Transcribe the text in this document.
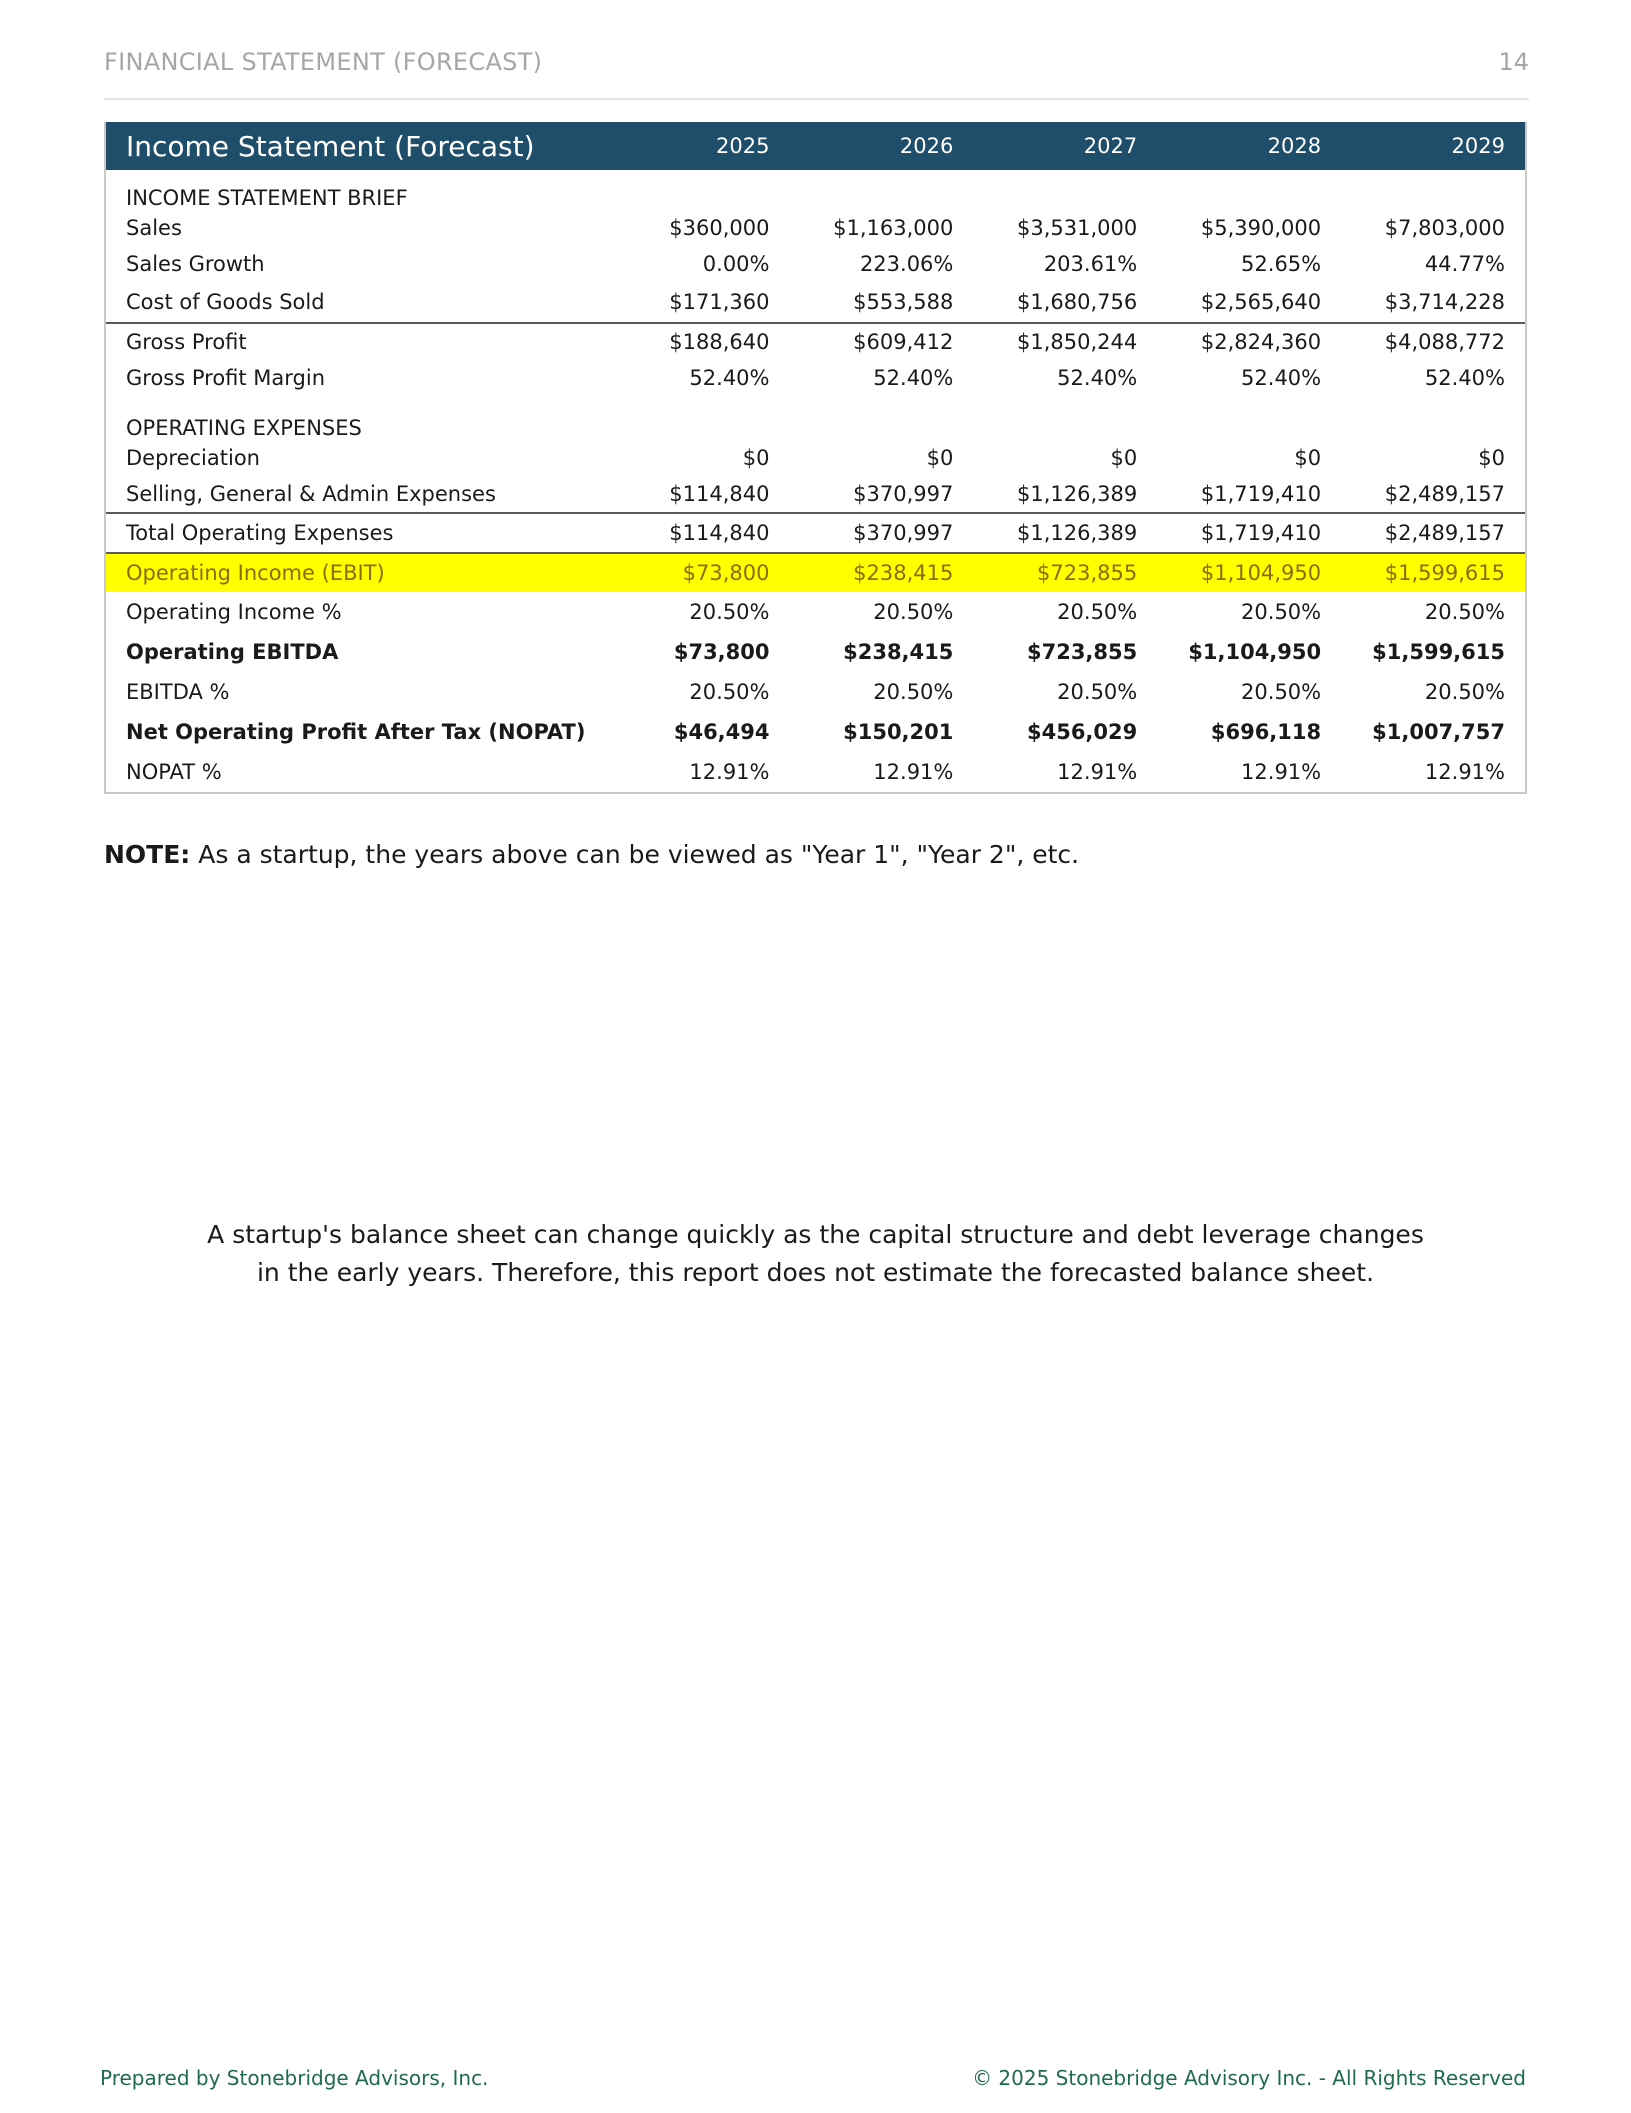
FINANCIAL STATEMENT (FORECAST)	14
Income Statement (Forecast)	2025	2026	2027	2028	2029
INCOME STATEMENT BRIEF
Sales	$360,000	$1,163,000	$3,531,000	$5,390,000	$7,803,000
Sales Growth	0.00%	223.06%	203.61%	52.65%	44.77%
Cost of Goods Sold	$171,360	$553,588	$1,680,756	$2,565,640	$3,714,228
Gross Profit	$188,640	$609,412	$1,850,244	$2,824,360	$4,088,772
Gross Profit Margin	52.40%	52.40%	52.40%	52.40%	52.40%
OPERATING EXPENSES
Depreciation	$0	$0	$0	$0	$0
Selling, General & Admin Expenses	$114,840	$370,997	$1,126,389	$1,719,410	$2,489,157
Total Operating Expenses	$114,840	$370,997	$1,126,389	$1,719,410	$2,489,157
Operating Income (EBIT)	$73,800	$238,415	$723,855	$1,104,950	$1,599,615
Operating Income %	20.50%	20.50%	20.50%	20.50%	20.50%
Operating EBITDA	$73,800	$238,415	$723,855	$1,104,950	$1,599,615
EBITDA %	20.50%	20.50%	20.50%	20.50%	20.50%
Net Operating Profit After Tax (NOPAT)	$46,494	$150,201	$456,029	$696,118	$1,007,757
NOPAT %	12.91%	12.91%	12.91%	12.91%	12.91%
NOTE: As a startup, the years above can be viewed as "Year 1", "Year 2", etc.
A startup's balance sheet can change quickly as the capital structure and debt leverage changes
in the early years. Therefore, this report does not estimate the forecasted balance sheet.
Prepared by Stonebridge Advisors, Inc.	© 2025 Stonebridge Advisory Inc. - All Rights Reserved
